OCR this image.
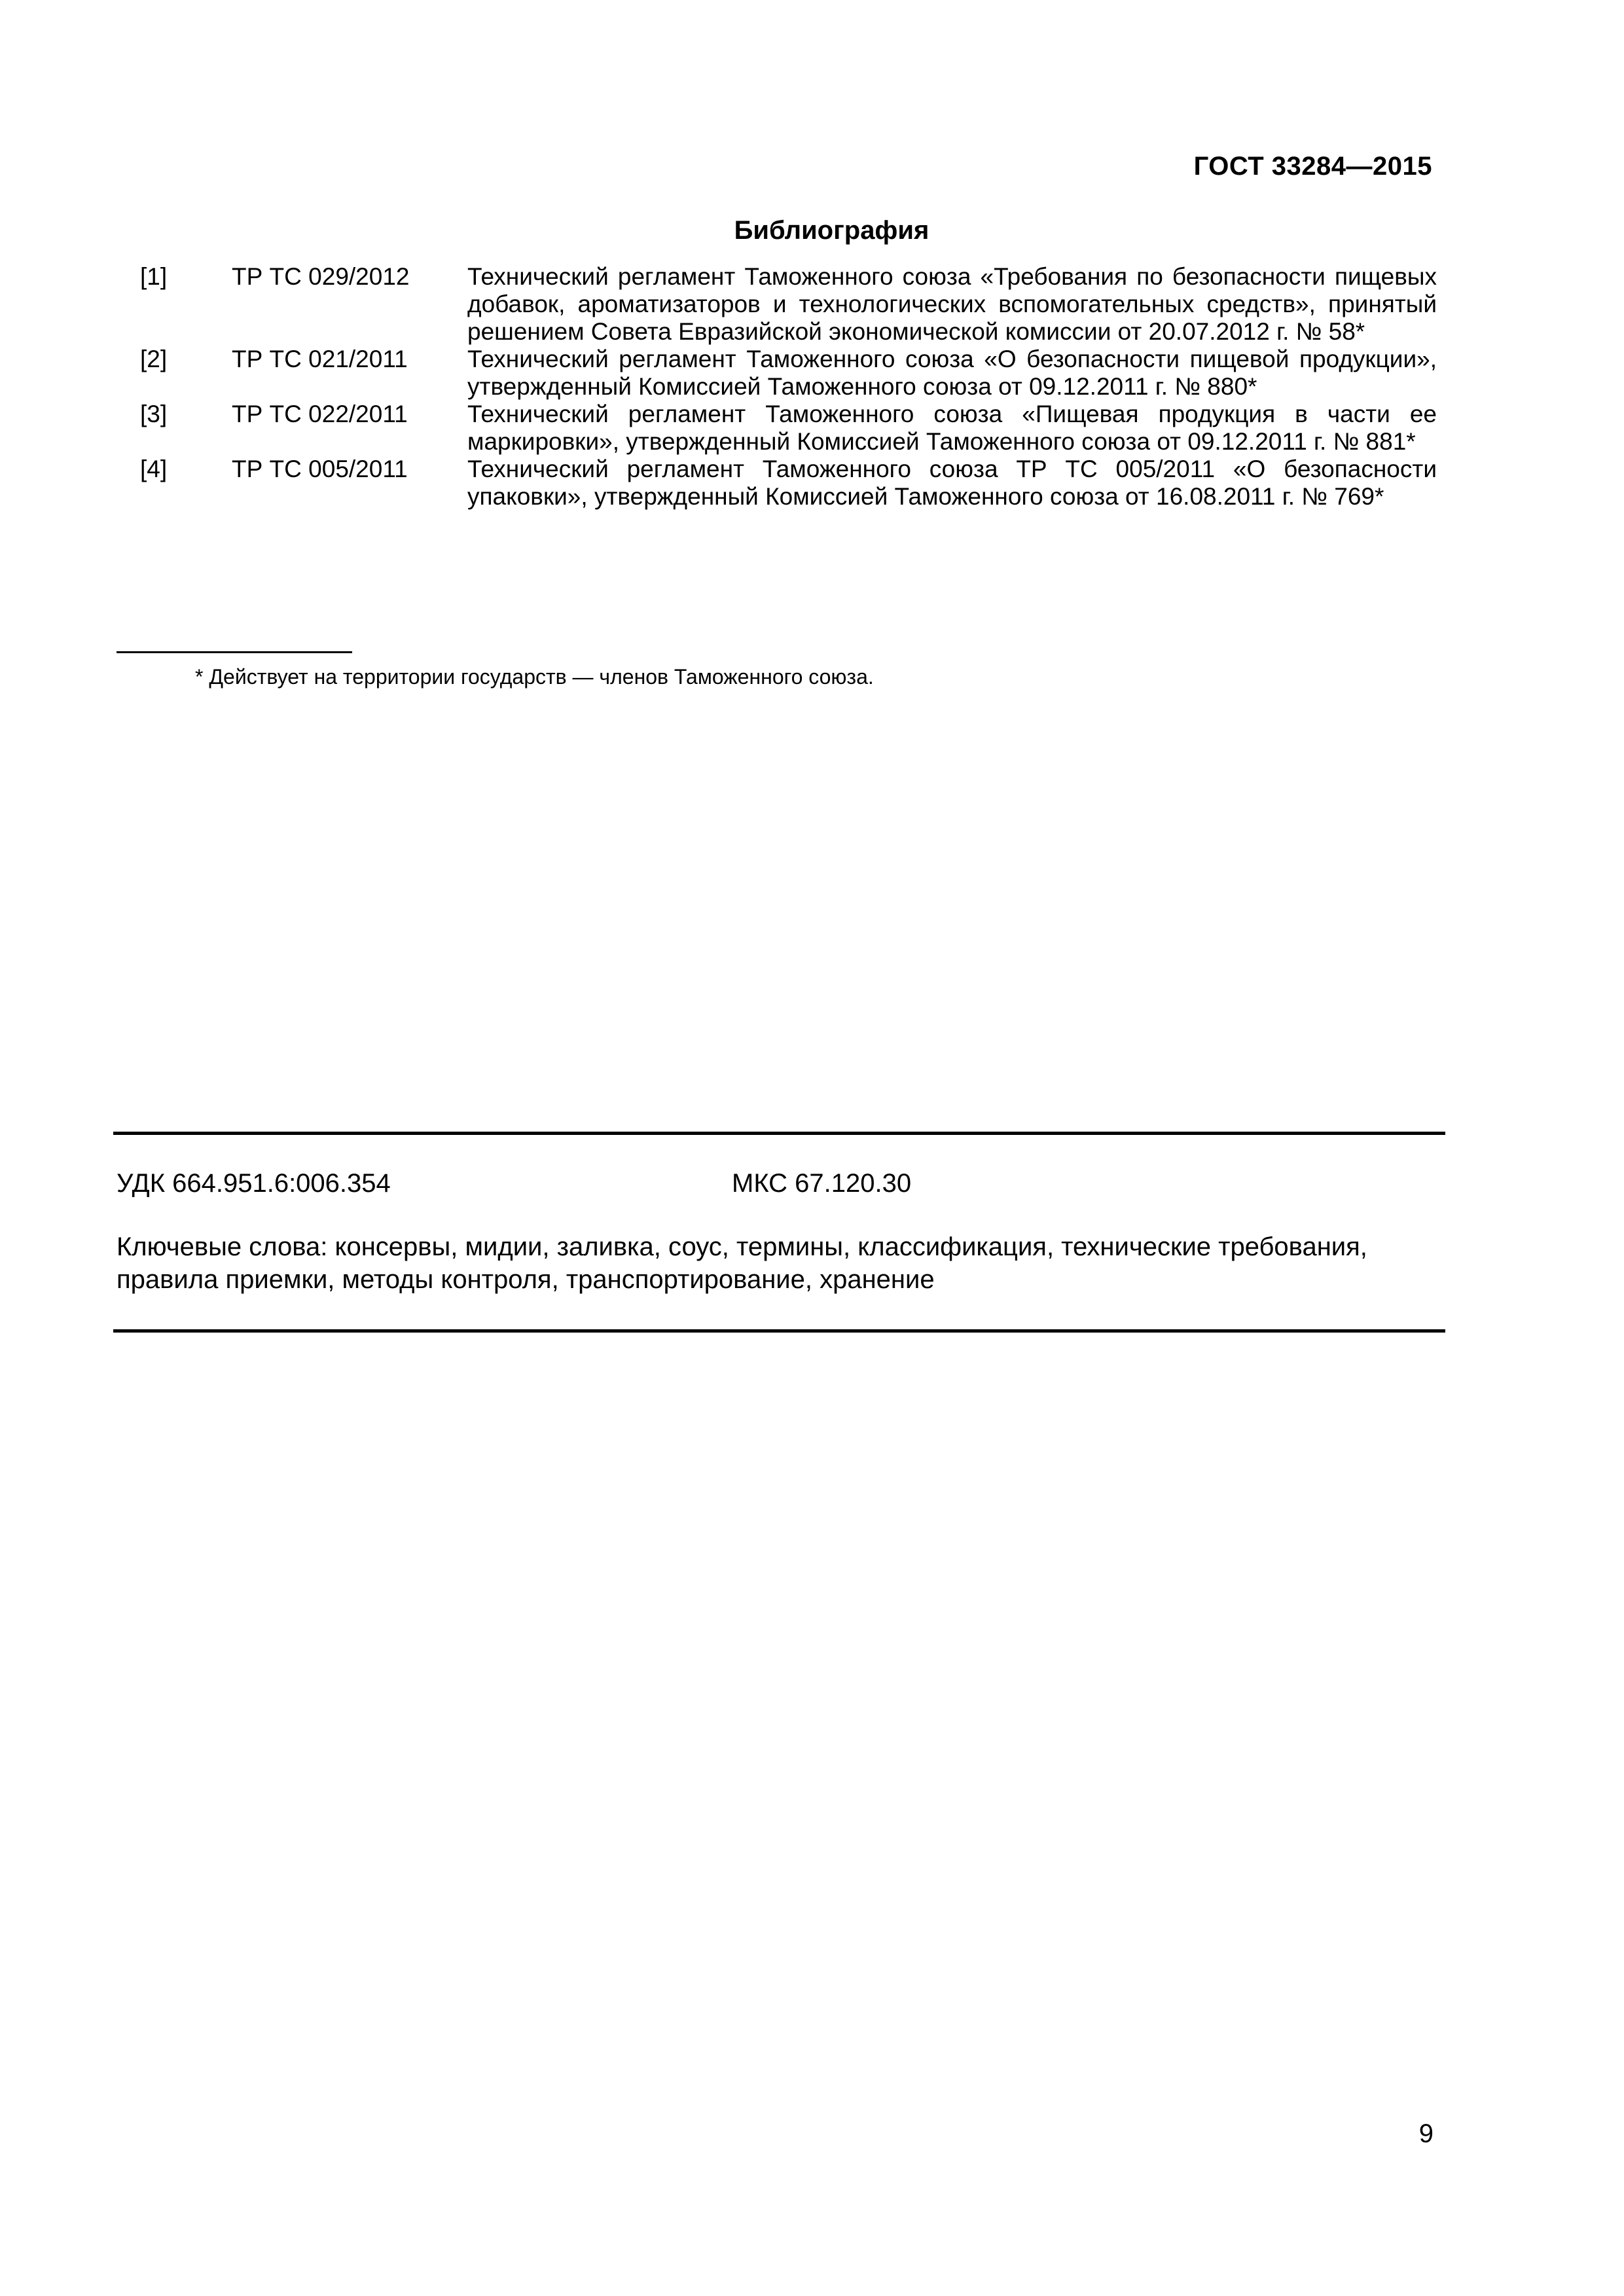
ГОСТ 33284—2015
Библиография
[1]	ТР ТС 029/2012	Технический регламент Таможенного союза «Требования по безопасности пищевых добавок, ароматизаторов и технологических вспомогательных средств», принятый решением Совета Евразийской экономической комиссии от 20.07.2012 г. № 58*
[2]	ТР ТС 021/2011	Технический регламент Таможенного союза «О безопасности пищевой продукции», утвержденный Комиссией Таможенного союза от 09.12.2011 г. № 880*
[3]	ТР ТС 022/2011	Технический регламент Таможенного союза «Пищевая продукция в части ее маркировки», утвержденный Комиссией Таможенного союза от 09.12.2011 г. № 881*
[4]	ТР ТС 005/2011	Технический регламент Таможенного союза ТР ТС 005/2011 «О безопасности упаковки», утвержденный Комиссией Таможенного союза от 16.08.2011 г. № 769*
* Действует на территории государств — членов Таможенного союза.
УДК 664.951.6:006.354	МКС 67.120.30
Ключевые слова: консервы, мидии, заливка, соус, термины, классификация, технические требования, правила приемки, методы контроля, транспортирование, хранение
9
